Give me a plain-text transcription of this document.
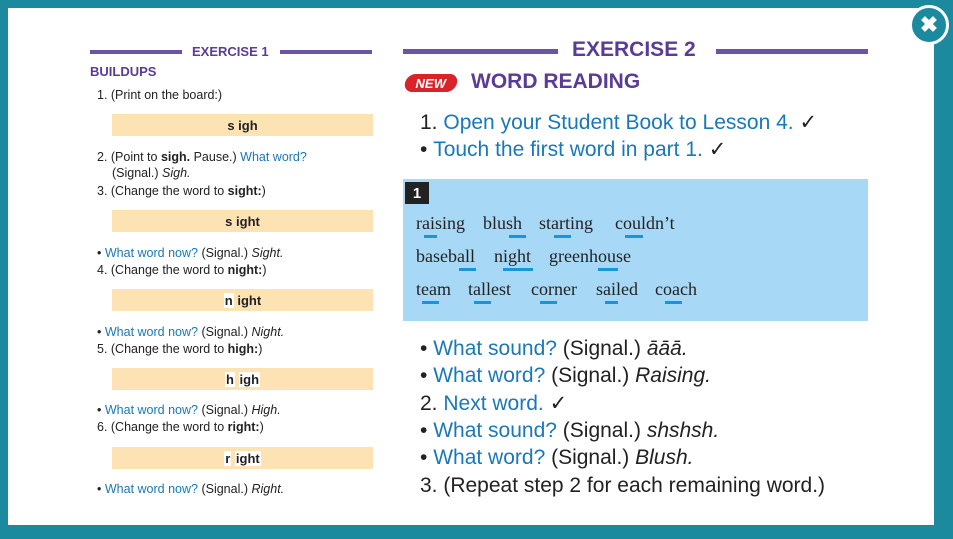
✖
EXERCISE 1
BUILDUPS
1. (Print on the board:)
s
igh
2. (Point to sigh. Pause.) What word?
(Signal.) Sigh.
3. (Change the word to sight:)
s
ight
• What word now? (Signal.) Sight.
4. (Change the word to night:)
n
ight
• What word now? (Signal.) Night.
5. (Change the word to high:)
h
igh
• What word now? (Signal.) High.
6. (Change the word to right:)
r
ight
• What word now? (Signal.) Right.
EXERCISE 2
NEW	WORD READING
1. Open your Student Book to Lesson 4. ✓
• Touch the first word in part 1. ✓
1
raising blush starting couldn’t
baseball night greenhouse
team tallest corner sailed coach
• What sound? (Signal.) āāā.
• What word? (Signal.) Raising.
2. Next word. ✓
• What sound? (Signal.) shshsh.
• What word? (Signal.) Blush.
3. (Repeat step 2 for each remaining word.)
